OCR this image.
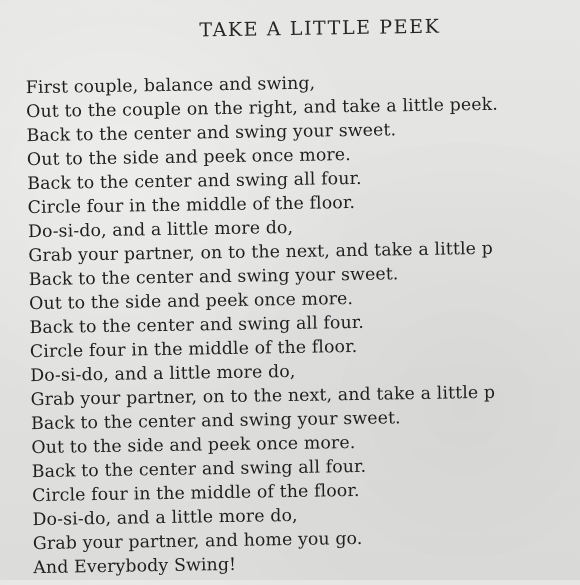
TAKE A LITTLE PEEK
First couple, balance and swing,
Out to the couple on the right, and take a little peek.
Back to the center and swing your sweet.
Out to the side and peek once more.
Back to the center and swing all four.
Circle four in the middle of the floor.
Do-si-do, and a little more do,
Grab your partner, on to the next, and take a little p
Back to the center and swing your sweet.
Out to the side and peek once more.
Back to the center and swing all four.
Circle four in the middle of the floor.
Do-si-do, and a little more do,
Grab your partner, on to the next, and take a little p
Back to the center and swing your sweet.
Out to the side and peek once more.
Back to the center and swing all four.
Circle four in the middle of the floor.
Do-si-do, and a little more do,
Grab your partner, and home you go.
And Everybody Swing!
